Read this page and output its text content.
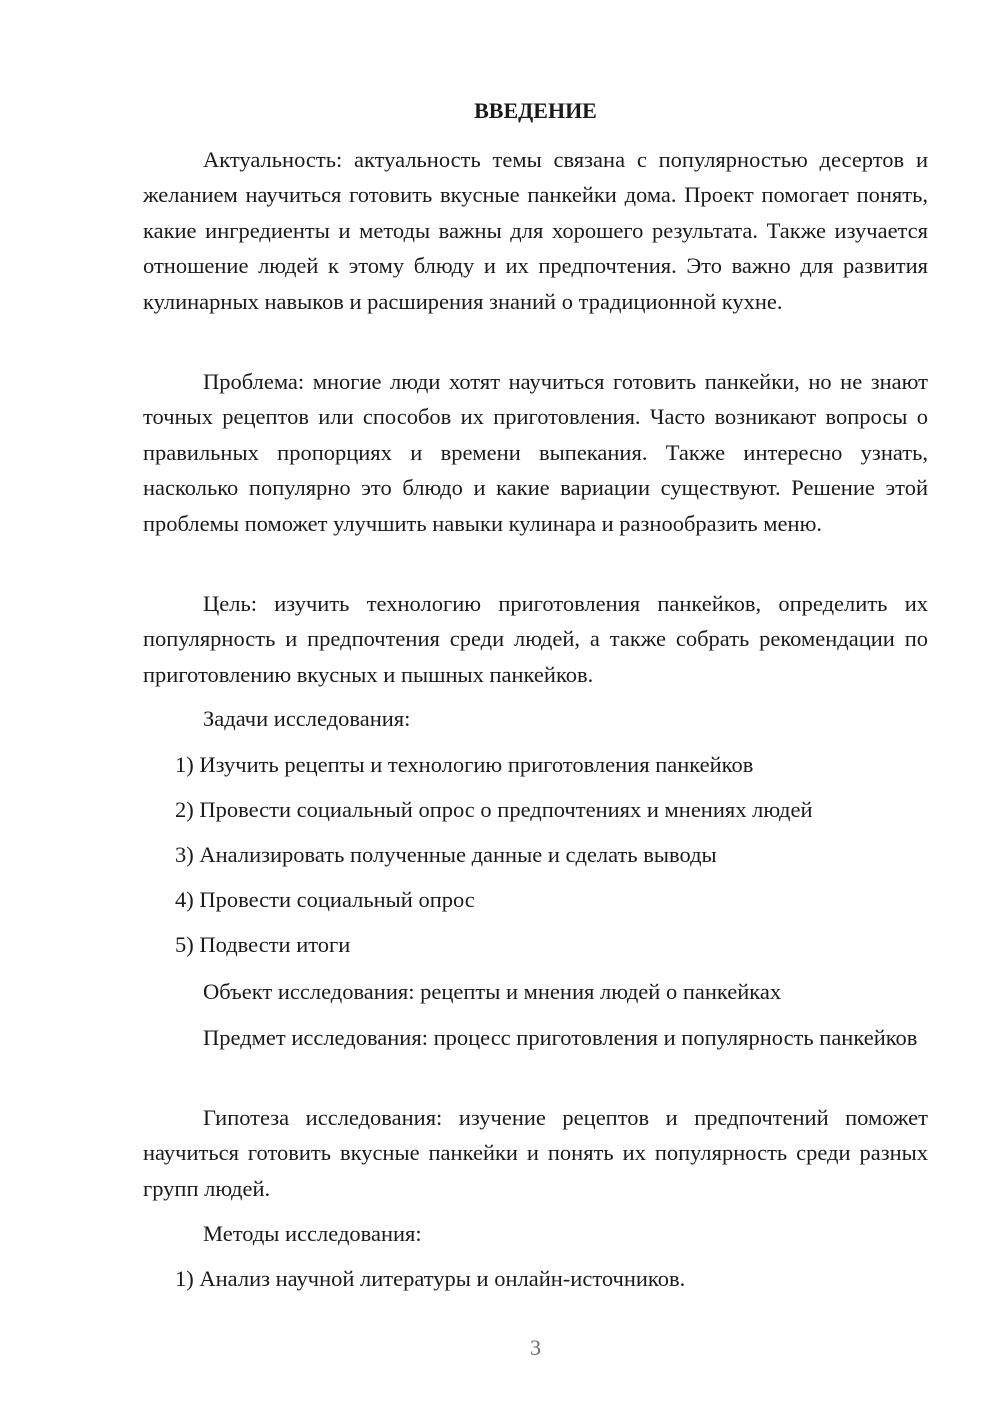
ВВЕДЕНИЕ

Актуальность: актуальность темы связана с популярностью десертов и желанием научиться готовить вкусные панкейки дома. Проект помогает понять, какие ингредиенты и методы важны для хорошего результата. Также изучается отношение людей к этому блюду и их предпочтения. Это важно для развития кулинарных навыков и расширения знаний о традиционной кухне.

Проблема: многие люди хотят научиться готовить панкейки, но не знают точных рецептов или способов их приготовления. Часто возникают вопросы о правильных пропорциях и времени выпекания. Также интересно узнать, насколько популярно это блюдо и какие вариации существуют. Решение этой проблемы поможет улучшить навыки кулинара и разнообразить меню.

Цель: изучить технологию приготовления панкейков, определить их популярность и предпочтения среди людей, а также собрать рекомендации по приготовлению вкусных и пышных панкейков.

Задачи исследования:

1) Изучить рецепты и технологию приготовления панкейков

2) Провести социальный опрос о предпочтениях и мнениях людей

3) Анализировать полученные данные и сделать выводы

4) Провести социальный опрос

5) Подвести итоги

Объект исследования: рецепты и мнения людей о панкейках

Предмет исследования: процесс приготовления и популярность панкейков

Гипотеза исследования: изучение рецептов и предпочтений поможет научиться готовить вкусные панкейки и понять их популярность среди разных групп людей.

Методы исследования:

1) Анализ научной литературы и онлайн-источников.

3
